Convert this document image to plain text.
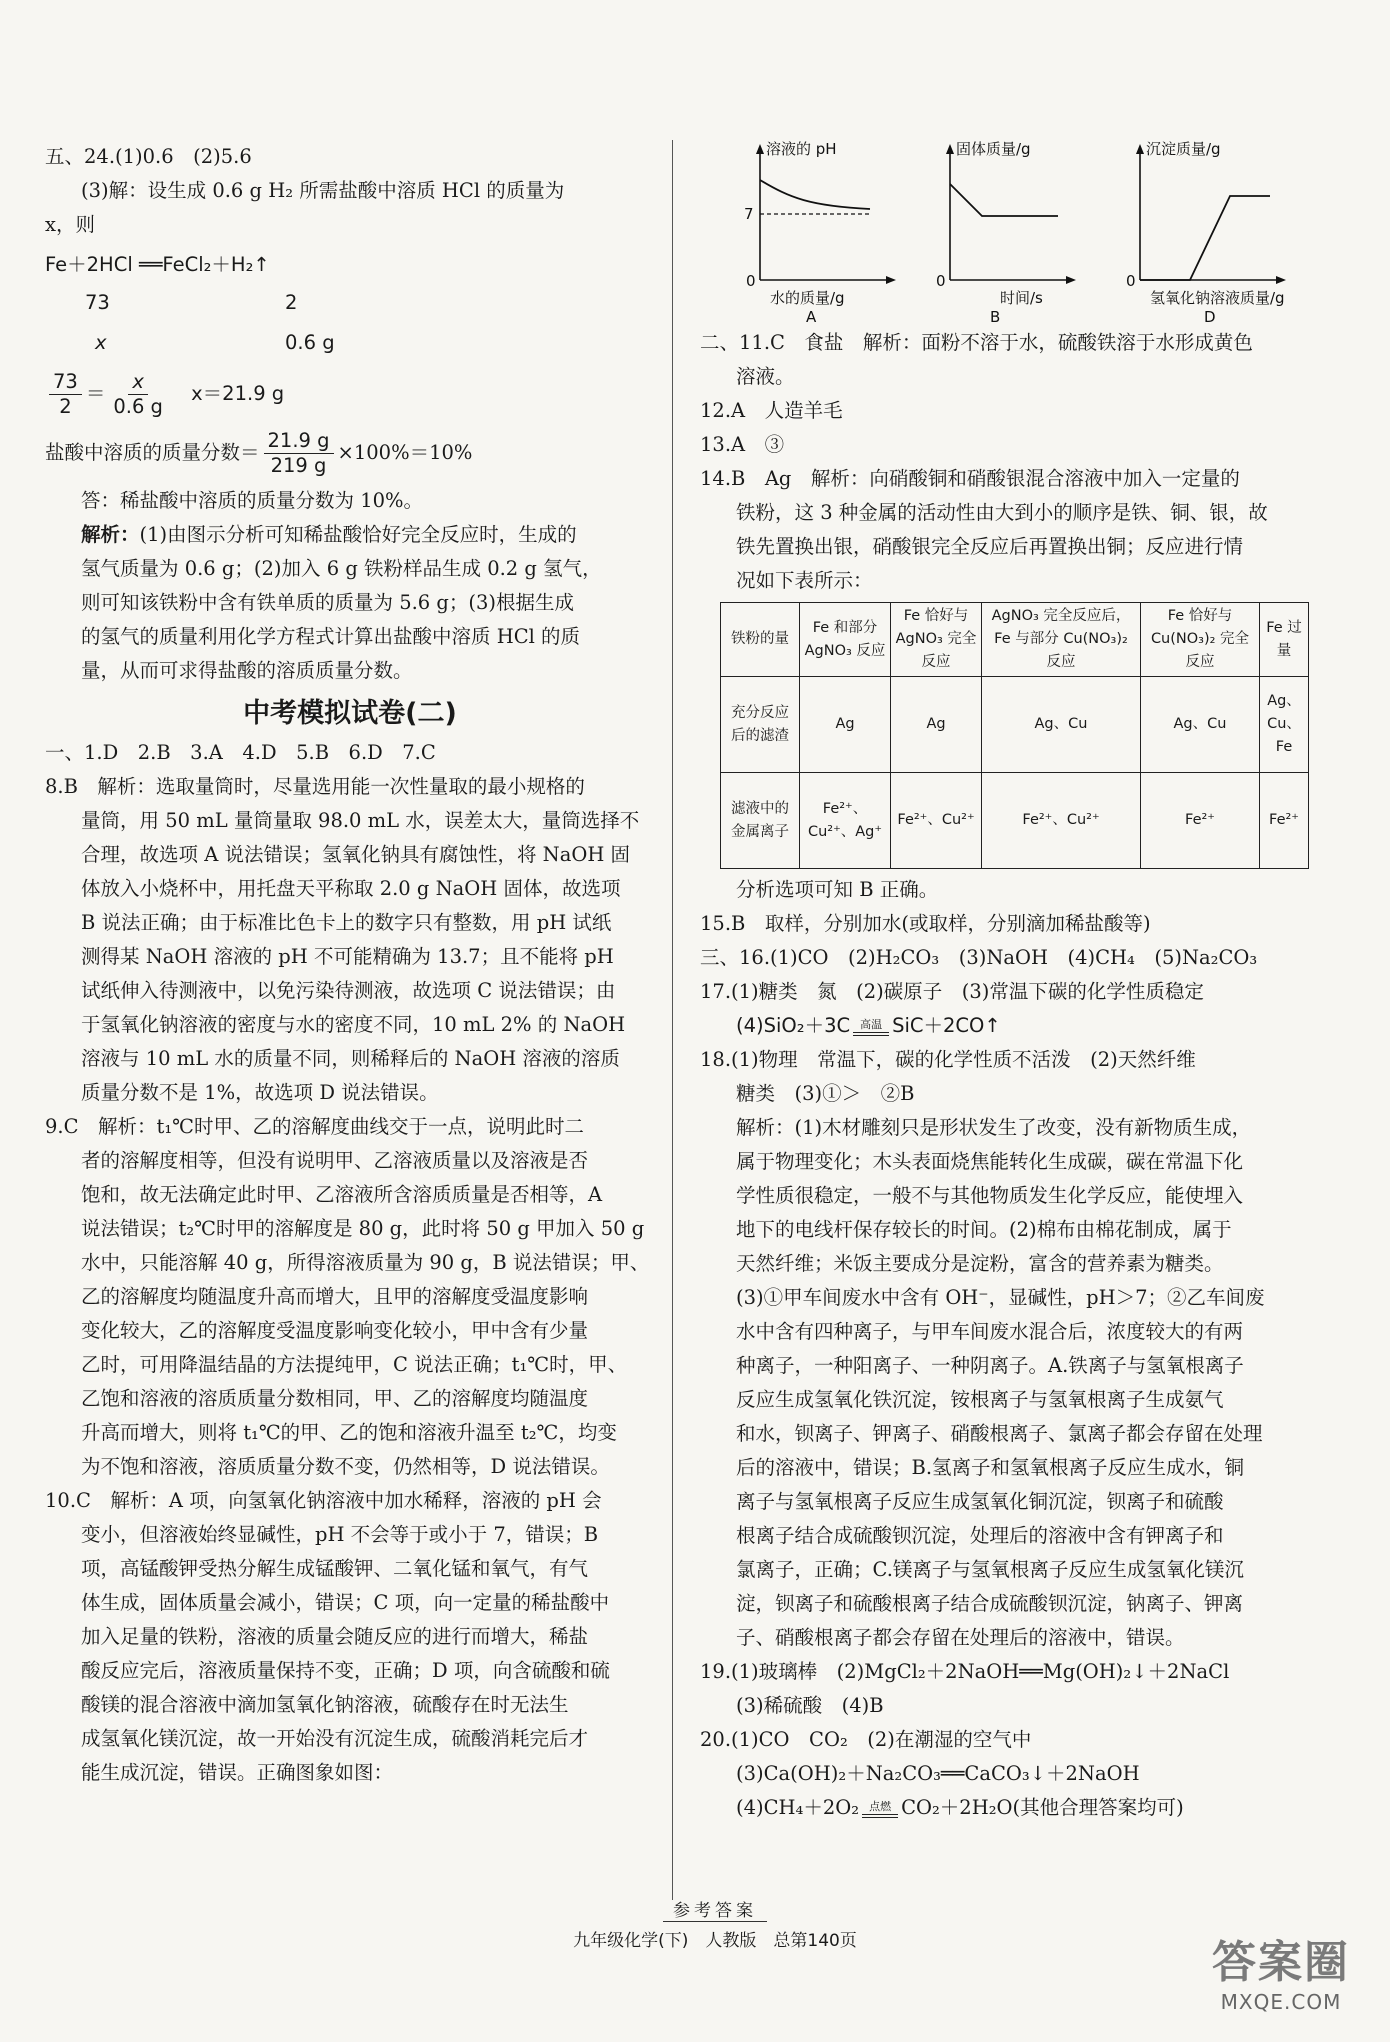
五、24.(1)0.6　(2)5.6

(3)解：设生成 0.6 g H₂ 所需盐酸中溶质 HCl 的质量为

x，则

Fe＋2HCl ══FeCl₂＋H₂↑

73	2
x	0.6 g
$\frac{73}{2} = \frac{x}{0.6 g} x=21.9$ g
盐酸中溶质的质量分数＝ $\frac{21.9 g}{219 g} \times 100\%=10\%$

答：稀盐酸中溶质的质量分数为 10%。

解析：(1)由图示分析可知稀盐酸恰好完全反应时，生成的

氢气质量为 0.6 g；(2)加入 6 g 铁粉样品生成 0.2 g 氢气，

则可知该铁粉中含有铁单质的质量为 5.6 g；(3)根据生成

的氢气的质量利用化学方程式计算出盐酸中溶质 HCl 的质

量，从而可求得盐酸的溶质质量分数。

中考模拟试卷(二)

一、1.D　2.B　3.A　4.D　5.B　6.D　7.C

8.B　解析：选取量筒时，尽量选用能一次性量取的最小规格的

量筒，用 50 mL 量筒量取 98.0 mL 水，误差太大，量筒选择不

合理，故选项 A 说法错误；氢氧化钠具有腐蚀性，将 NaOH 固

体放入小烧杯中，用托盘天平称取 2.0 g NaOH 固体，故选项

B 说法正确；由于标准比色卡上的数字只有整数，用 pH 试纸

测得某 NaOH 溶液的 pH 不可能精确为 13.7；且不能将 pH

试纸伸入待测液中，以免污染待测液，故选项 C 说法错误；由

于氢氧化钠溶液的密度与水的密度不同，10 mL 2% 的 NaOH

溶液与 10 mL 水的质量不同，则稀释后的 NaOH 溶液的溶质

质量分数不是 1%，故选项 D 说法错误。

9.C　解析：t₁℃时甲、乙的溶解度曲线交于一点，说明此时二

者的溶解度相等，但没有说明甲、乙溶液质量以及溶液是否

饱和，故无法确定此时甲、乙溶液所含溶质质量是否相等，A

说法错误；t₂℃时甲的溶解度是 80 g，此时将 50 g 甲加入 50 g

水中，只能溶解 40 g，所得溶液质量为 90 g，B 说法错误；甲、

乙的溶解度均随温度升高而增大，且甲的溶解度受温度影响

变化较大，乙的溶解度受温度影响变化较小，甲中含有少量

乙时，可用降温结晶的方法提纯甲，C 说法正确；t₁℃时，甲、

乙饱和溶液的溶质质量分数相同，甲、乙的溶解度均随温度

升高而增大，则将 t₁℃的甲、乙的饱和溶液升温至 t₂℃，均变

为不饱和溶液，溶质质量分数不变，仍然相等，D 说法错误。

10.C　解析：A 项，向氢氧化钠溶液中加水稀释，溶液的 pH 会

变小，但溶液始终显碱性，pH 不会等于或小于 7，错误；B

项，高锰酸钾受热分解生成锰酸钾、二氧化锰和氧气，有气

体生成，固体质量会减小，错误；C 项，向一定量的稀盐酸中

加入足量的铁粉，溶液的质量会随反应的进行而增大，稀盐

酸反应完后，溶液质量保持不变，正确；D 项，向含硫酸和硫

酸镁的混合溶液中滴加氢氧化钠溶液，硫酸存在时无法生

成氢氧化镁沉淀，故一开始没有沉淀生成，硫酸消耗完后才

能生成沉淀，错误。正确图象如图：

溶液的 pH
7
0
水的质量/g
A
固体质量/g
0
时间/s
B
沉淀质量/g
0
氢氧化钠溶液质量/g
D

二、11.C　食盐　解析：面粉不溶于水，硫酸铁溶于水形成黄色

溶液。

12.A　人造羊毛

13.A　③

14.B　Ag　解析：向硝酸铜和硝酸银混合溶液中加入一定量的

铁粉，这 3 种金属的活动性由大到小的顺序是铁、铜、银，故

铁先置换出银，硝酸银完全反应后再置换出铜；反应进行情

况如下表所示：

铁粉的量	Fe 和部分 AgNO₃ 反应	Fe 恰好与 AgNO₃ 完全反应	AgNO₃ 完全反应后，Fe 与部分 Cu(NO₃)₂ 反应	Fe 恰好与 Cu(NO₃)₂ 完全反应	Fe 过量
充分反应后的滤渣	Ag	Ag	Ag、Cu	Ag、Cu	Ag、Cu、Fe
滤液中的金属离子	Fe²⁺、Cu²⁺、Ag⁺	Fe²⁺、Cu²⁺	Fe²⁺、Cu²⁺	Fe²⁺	Fe²⁺

分析选项可知 B 正确。

15.B　取样，分别加水(或取样，分别滴加稀盐酸等)

三、16.(1)CO　(2)H₂CO₃　(3)NaOH　(4)CH₄　(5)Na₂CO₃

17.(1)糖类　氮　(2)碳原子　(3)常温下碳的化学性质稳定

(4)SiO₂＋3C 高温 SiC＋2CO↑

18.(1)物理　常温下，碳的化学性质不活泼　(2)天然纤维

糖类　(3)①＞　②B

解析：(1)木材雕刻只是形状发生了改变，没有新物质生成，

属于物理变化；木头表面烧焦能转化生成碳，碳在常温下化

学性质很稳定，一般不与其他物质发生化学反应，能使埋入

地下的电线杆保存较长的时间。(2)棉布由棉花制成，属于

天然纤维；米饭主要成分是淀粉，富含的营养素为糖类。

(3)①甲车间废水中含有 OH⁻，显碱性，pH＞7；②乙车间废

水中含有四种离子，与甲车间废水混合后，浓度较大的有两

种离子，一种阳离子、一种阴离子。A.铁离子与氢氧根离子

反应生成氢氧化铁沉淀，铵根离子与氢氧根离子生成氨气

和水，钡离子、钾离子、硝酸根离子、氯离子都会存留在处理

后的溶液中，错误；B.氢离子和氢氧根离子反应生成水，铜

离子与氢氧根离子反应生成氢氧化铜沉淀，钡离子和硫酸

根离子结合成硫酸钡沉淀，处理后的溶液中含有钾离子和

氯离子，正确；C.镁离子与氢氧根离子反应生成氢氧化镁沉

淀，钡离子和硫酸根离子结合成硫酸钡沉淀，钠离子、钾离

子、硝酸根离子都会存留在处理后的溶液中，错误。

19.(1)玻璃棒　(2)MgCl₂＋2NaOH══Mg(OH)₂↓＋2NaCl

(3)稀硫酸　(4)B

20.(1)CO　CO₂　(2)在潮湿的空气中

(3)Ca(OH)₂＋Na₂CO₃══CaCO₃↓＋2NaOH

(4)CH₄＋2O₂ 点燃 CO₂＋2H₂O(其他合理答案均可)

参考答案
九年级化学(下)　人教版　总第140页	答案圈
MXQE.COM
